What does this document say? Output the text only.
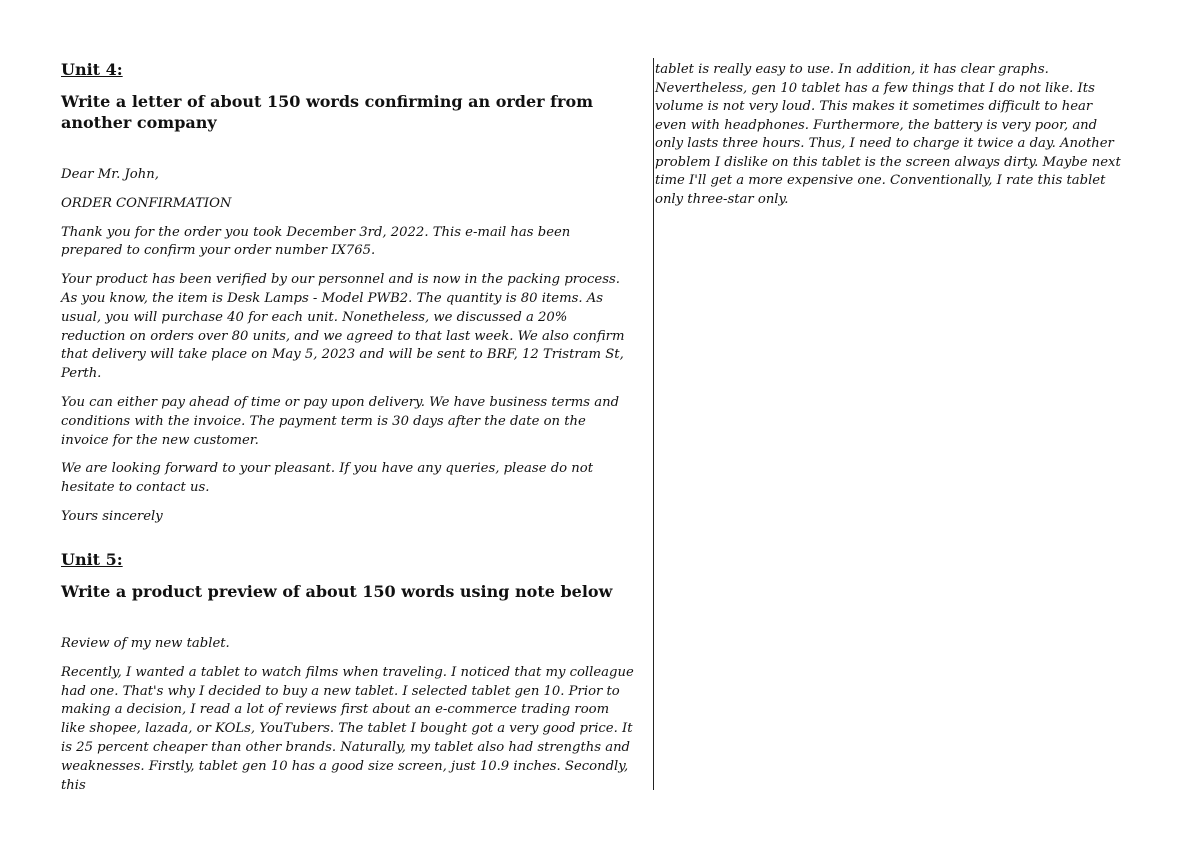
Unit 4:

Write a letter of about 150 words confirming an order from another company

Dear Mr. John,

ORDER CONFIRMATION

Thank you for the order you took December 3rd, 2022. This e-mail has been prepared to confirm your order number IX765.

Your product has been verified by our personnel and is now in the packing process. As you know, the item is Desk Lamps - Model PWB2. The quantity is 80 items. As usual, you will purchase 40 for each unit. Nonetheless, we discussed a 20% reduction on orders over 80 units, and we agreed to that last week. We also confirm that delivery will take place on May 5, 2023 and will be sent to BRF, 12 Tristram St, Perth.

You can either pay ahead of time or pay upon delivery. We have business terms and conditions with the invoice. The payment term is 30 days after the date on the invoice for the new customer.

We are looking forward to your pleasant. If you have any queries, please do not hesitate to contact us.

Yours sincerely

Unit 5:

Write a product preview of about 150 words using note below

Review of my new tablet.

Recently, I wanted a tablet to watch films when traveling. I noticed that my colleague had one. That's why I decided to buy a new tablet. I selected tablet gen 10. Prior to making a decision, I read a lot of reviews first about an e-commerce trading room like shopee, lazada, or KOLs, YouTubers. The tablet I bought got a very good price. It is 25 percent cheaper than other brands. Naturally, my tablet also had strengths and weaknesses. Firstly, tablet gen 10 has a good size screen, just 10.9 inches. Secondly, this

tablet is really easy to use. In addition, it has clear graphs. Nevertheless, gen 10 tablet has a few things that I do not like. Its volume is not very loud. This makes it sometimes difficult to hear even with headphones. Furthermore, the battery is very poor, and only lasts three hours. Thus, I need to charge it twice a day. Another problem I dislike on this tablet is the screen always dirty. Maybe next time I'll get a more expensive one. Conventionally, I rate this tablet only three-star only.
